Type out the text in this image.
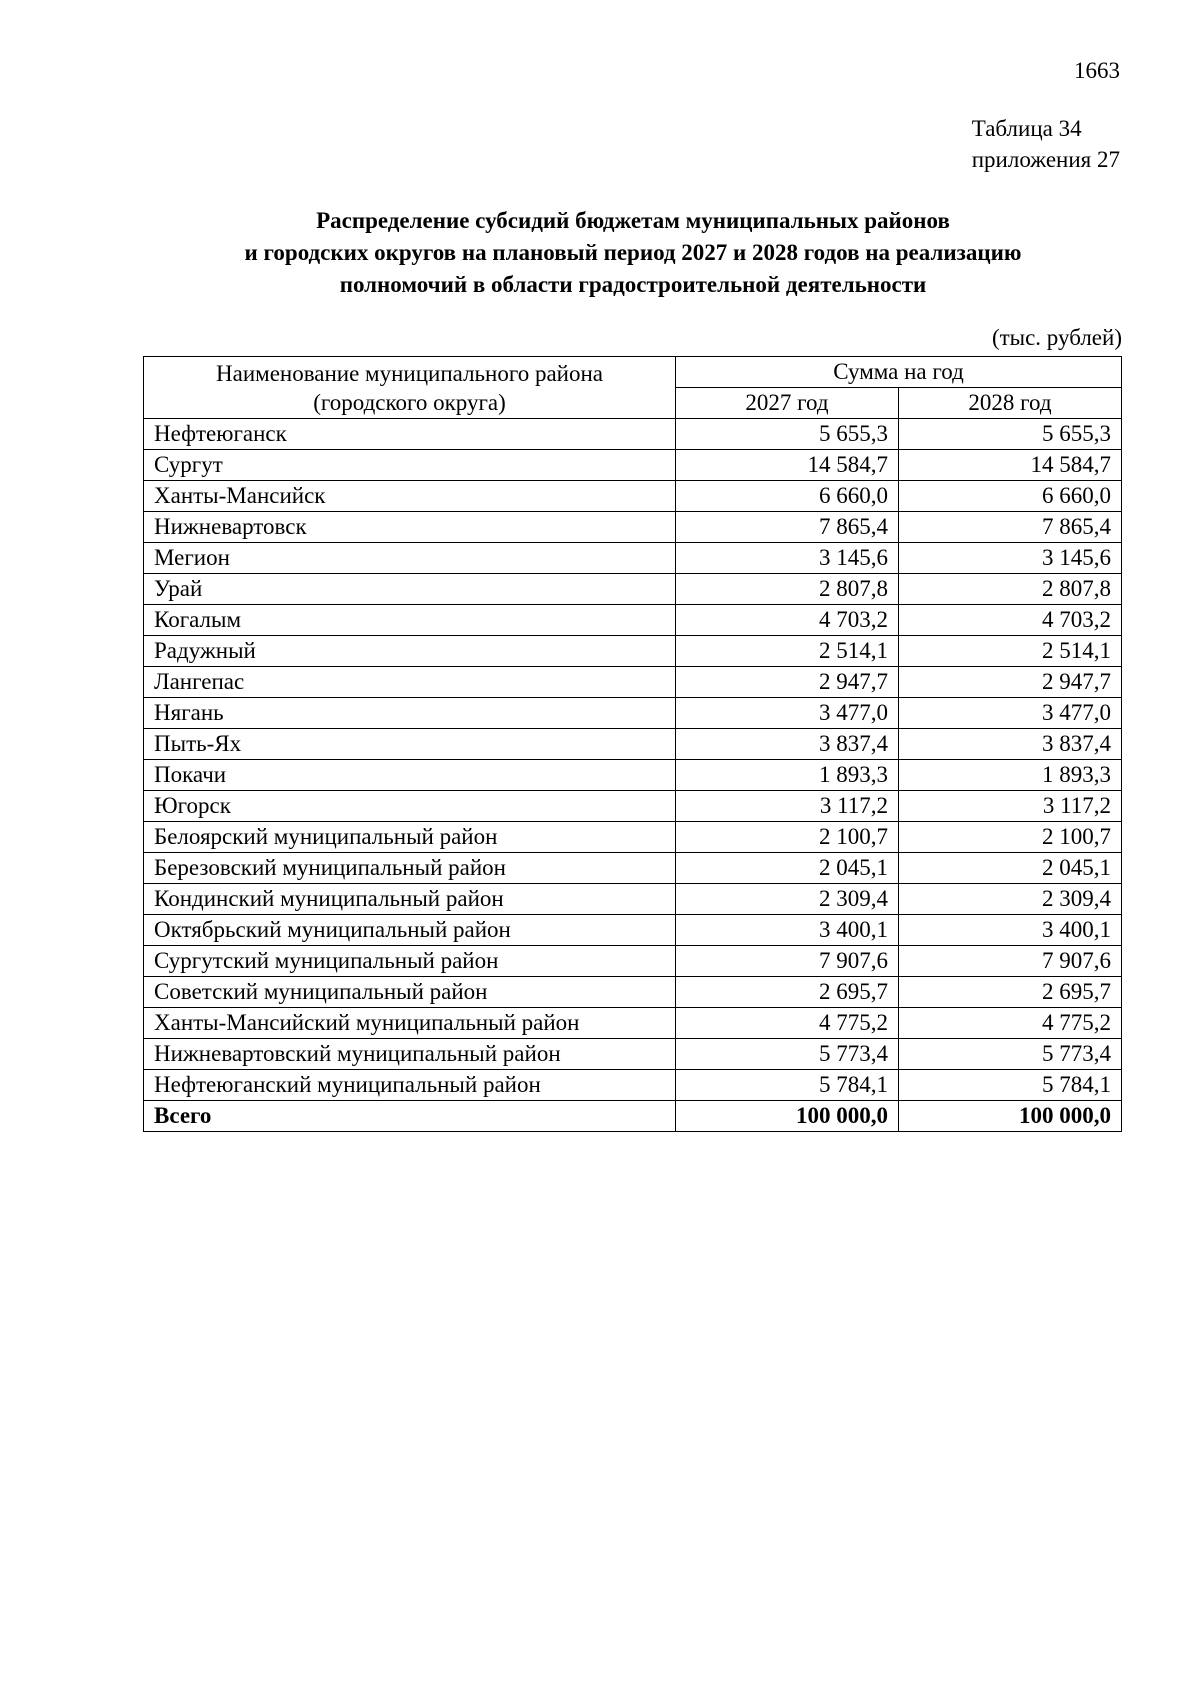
1663
Таблица 34
приложения 27
Распределение субсидий бюджетам муниципальных районов
и городских округов на плановый период 2027 и 2028 годов на реализацию
полномочий в области градостроительной деятельности
(тыс. рублей)
Наименование муниципального района
(городского округа)	Сумма на год	
	2027 год	2028 год
Нефтеюганск	5 655,3	5 655,3
Сургут	14 584,7	14 584,7
Ханты-Мансийск	6 660,0	6 660,0
Нижневартовск	7 865,4	7 865,4
Мегион	3 145,6	3 145,6
Урай	2 807,8	2 807,8
Когалым	4 703,2	4 703,2
Радужный	2 514,1	2 514,1
Лангепас	2 947,7	2 947,7
Нягань	3 477,0	3 477,0
Пыть-Ях	3 837,4	3 837,4
Покачи	1 893,3	1 893,3
Югорск	3 117,2	3 117,2
Белоярский муниципальный район	2 100,7	2 100,7
Березовский муниципальный район	2 045,1	2 045,1
Кондинский муниципальный район	2 309,4	2 309,4
Октябрьский муниципальный район	3 400,1	3 400,1
Сургутский муниципальный район	7 907,6	7 907,6
Советский муниципальный район	2 695,7	2 695,7
Ханты-Мансийский муниципальный район	4 775,2	4 775,2
Нижневартовский муниципальный район	5 773,4	5 773,4
Нефтеюганский муниципальный район	5 784,1	5 784,1
Всего	100 000,0	100 000,0
